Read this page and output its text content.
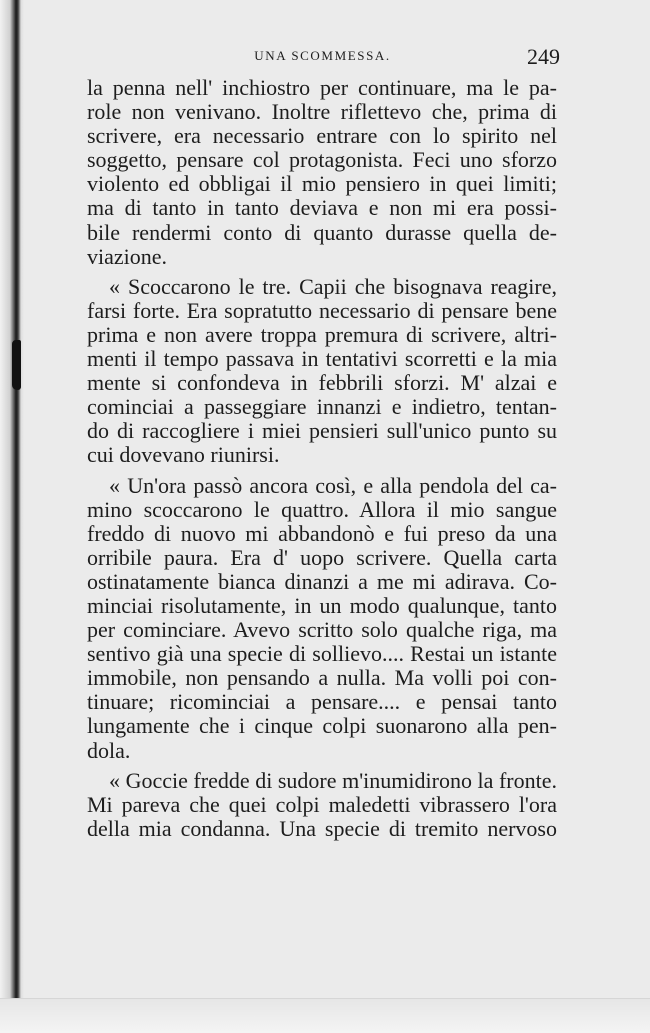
UNA SCOMMESSA.	249
la penna nell' inchiostro per continuare, ma le pa-
role non venivano. Inoltre riflettevo che, prima di
scrivere, era necessario entrare con lo spirito nel
soggetto, pensare col protagonista. Feci uno sforzo
violento ed obbligai il mio pensiero in quei limiti;
ma di tanto in tanto deviava e non mi era possi-
bile rendermi conto di quanto durasse quella de-
viazione.
« Scoccarono le tre. Capii che bisognava reagire,
farsi forte. Era sopratutto necessario di pensare bene
prima e non avere troppa premura di scrivere, altri-
menti il tempo passava in tentativi scorretti e la mia
mente si confondeva in febbrili sforzi. M' alzai e
cominciai a passeggiare innanzi e indietro, tentan-
do di raccogliere i miei pensieri sull'unico punto su
cui dovevano riunirsi.
« Un'ora passò ancora così, e alla pendola del ca-
mino scoccarono le quattro. Allora il mio sangue
freddo di nuovo mi abbandonò e fui preso da una
orribile paura. Era d' uopo scrivere. Quella carta
ostinatamente bianca dinanzi a me mi adirava. Co-
minciai risolutamente, in un modo qualunque, tanto
per cominciare. Avevo scritto solo qualche riga, ma
sentivo già una specie di sollievo.... Restai un istante
immobile, non pensando a nulla. Ma volli poi con-
tinuare; ricominciai a pensare.... e pensai tanto
lungamente che i cinque colpi suonarono alla pen-
dola.
« Goccie fredde di sudore m'inumidirono la fronte.
Mi pareva che quei colpi maledetti vibrassero l'ora
della mia condanna. Una specie di tremito nervoso
